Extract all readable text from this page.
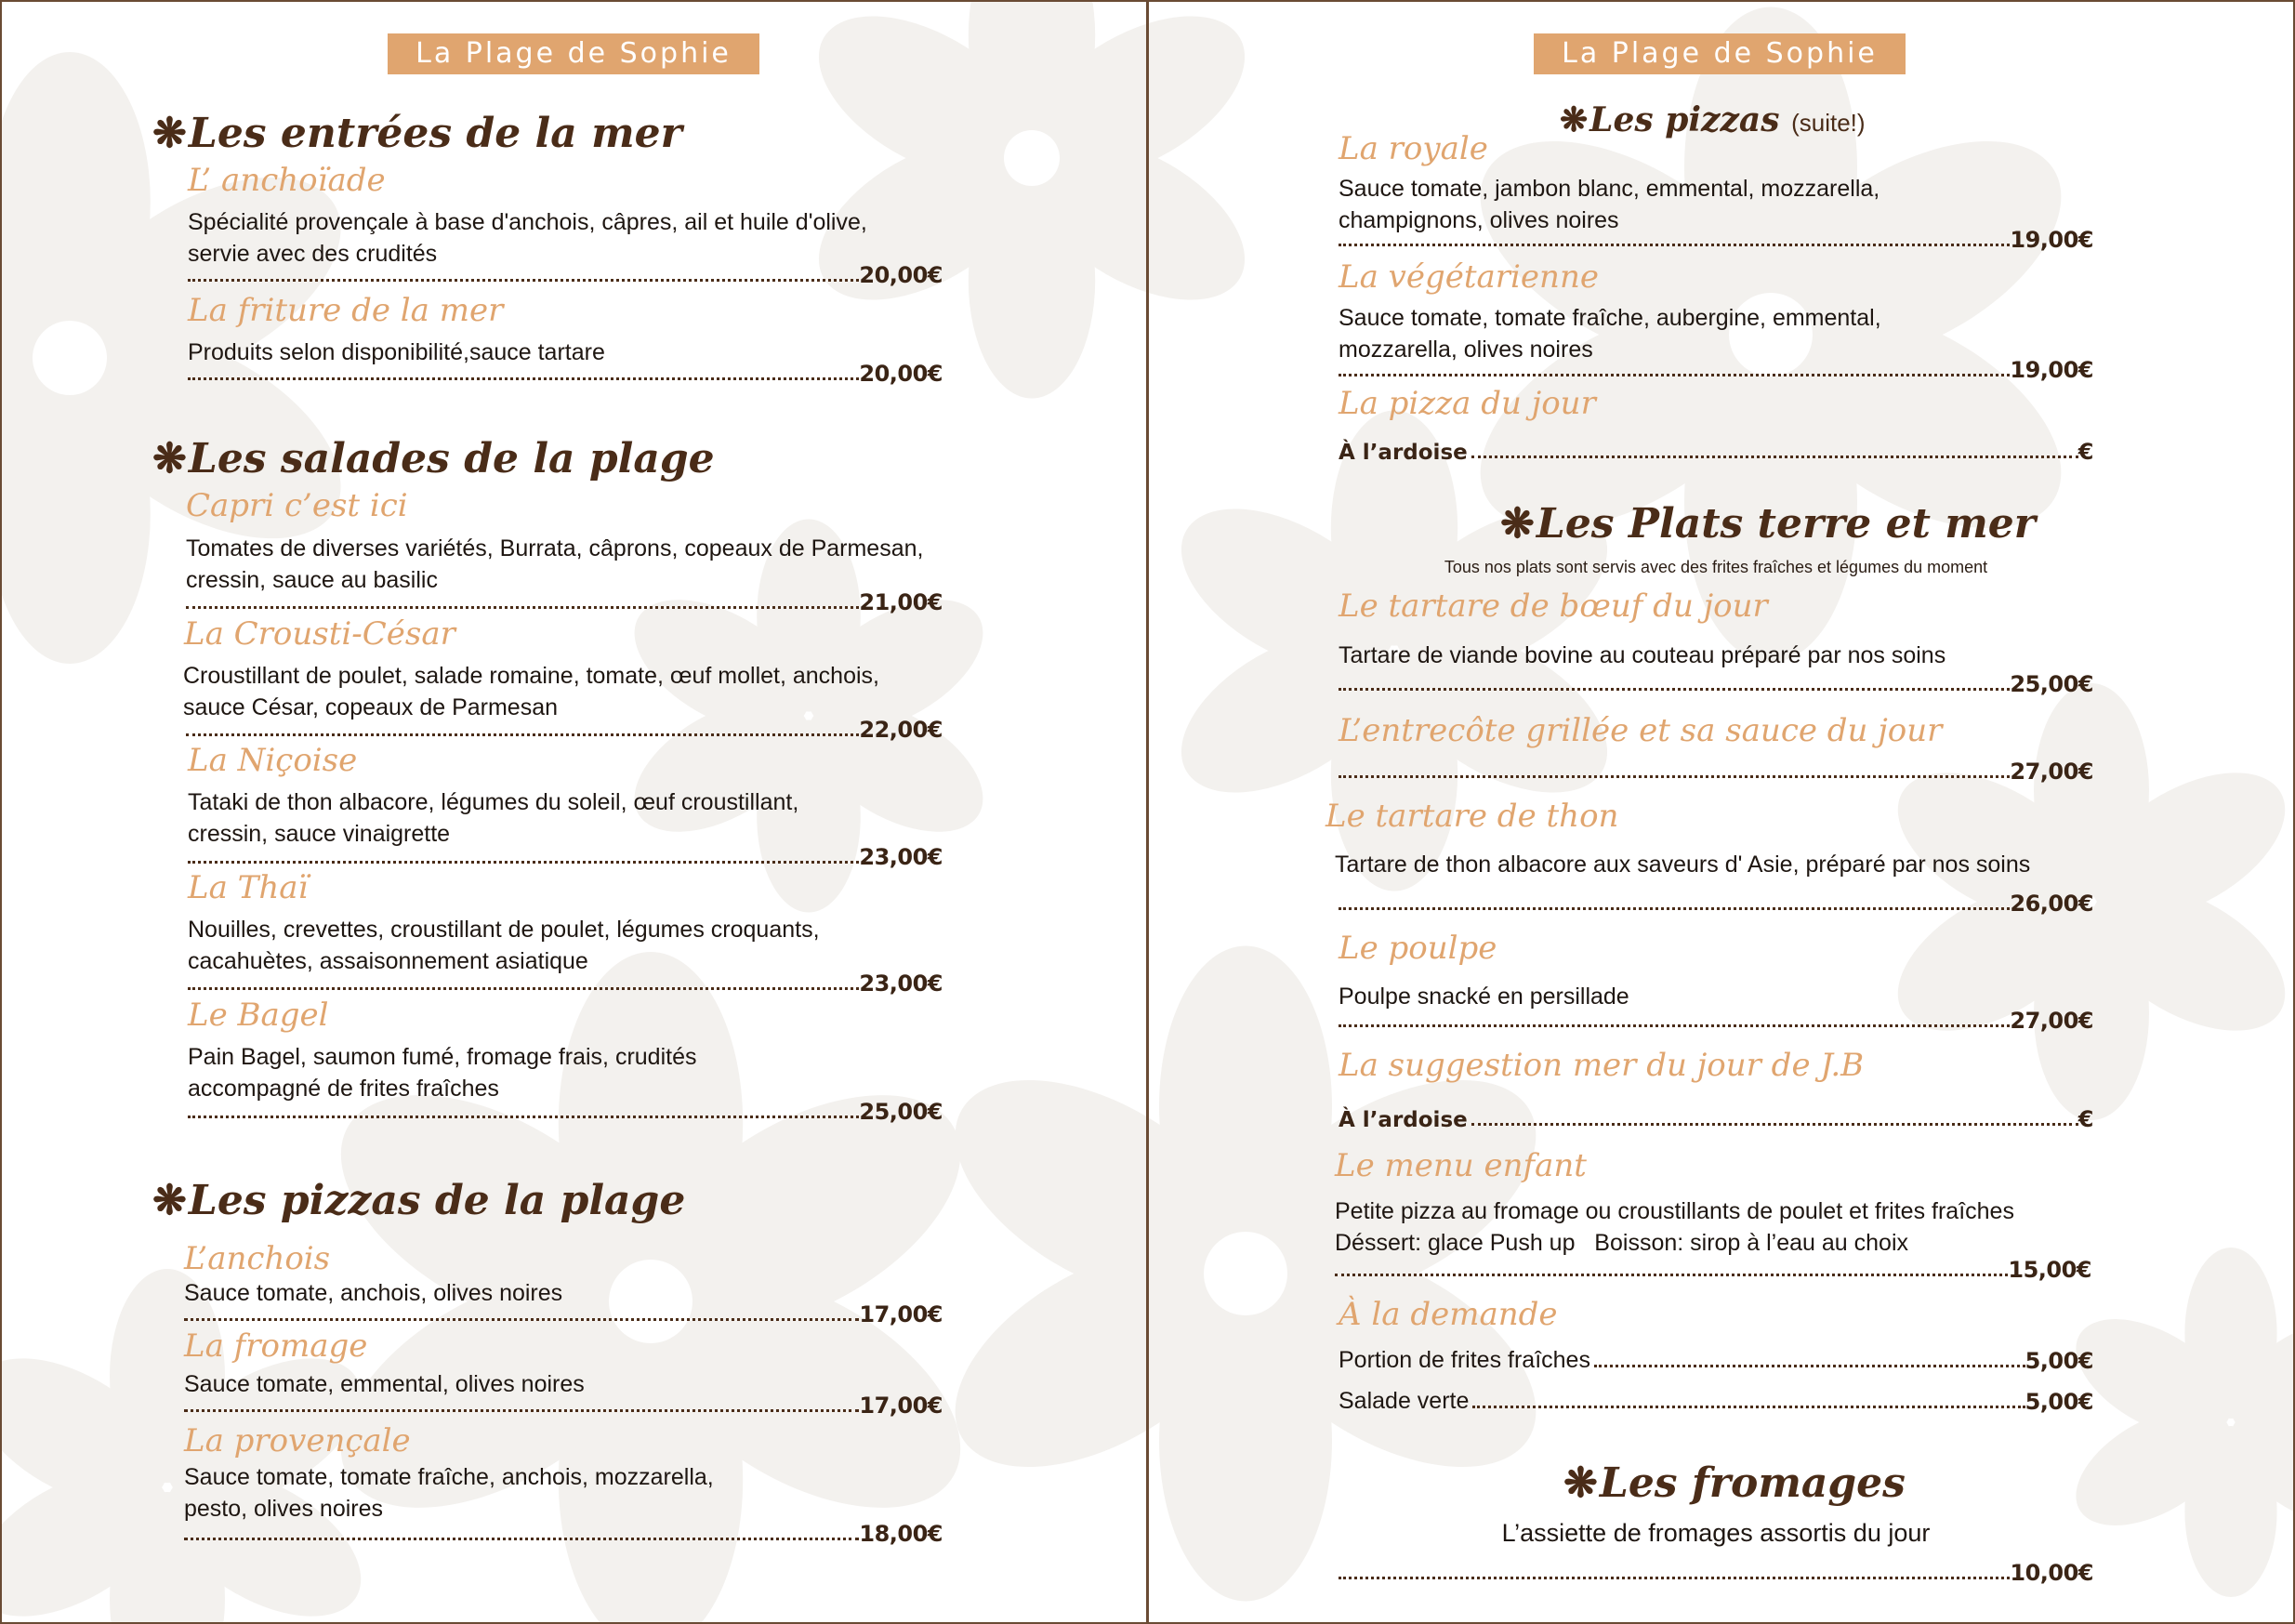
La Plage de Sophie
❋Les entrées de la mer
L’ anchoïade
Spécialité provençale à base d'anchois, câpres, ail et huile d'olive,
servie avec des crudités
20,00€
La friture de la mer
Produits selon disponibilité,sauce tartare
20,00€
❋Les salades de la plage
Capri c’est ici
Tomates de diverses variétés, Burrata, câprons, copeaux de Parmesan,
cressin, sauce au basilic
21,00€
La Crousti-César
Croustillant de poulet, salade romaine, tomate, œuf mollet, anchois,
sauce César, copeaux de Parmesan
22,00€
La Niçoise
Tataki de thon albacore, légumes du soleil, œuf croustillant,
cressin, sauce vinaigrette
23,00€
La Thaï
Nouilles, crevettes, croustillant de poulet, légumes croquants,
cacahuètes, assaisonnement asiatique
23,00€
Le Bagel
Pain Bagel, saumon fumé, fromage frais, crudités
accompagné de frites fraîches
25,00€
❋Les pizzas de la plage
L’anchois
Sauce tomate, anchois, olives noires
17,00€
La fromage
Sauce tomate, emmental, olives noires
17,00€
La provençale
Sauce tomate, tomate fraîche, anchois, mozzarella,
pesto, olives noires
18,00€
La Plage de Sophie
❋Les pizzas (suite!)
La royale
Sauce tomate, jambon blanc, emmental, mozzarella,
champignons, olives noires
19,00€
La végétarienne
Sauce tomate, tomate fraîche, aubergine, emmental,
mozzarella, olives noires
19,00€
La pizza du jour
À l’ardoise	€
❋Les Plats terre et mer
Tous nos plats sont servis avec des frites fraîches et légumes du moment
Le tartare de bœuf du jour
Tartare de viande bovine au couteau préparé par nos soins
25,00€
L’entrecôte grillée et sa sauce du jour
27,00€
Le tartare de thon
Tartare de thon albacore aux saveurs d' Asie, préparé par nos soins
26,00€
Le poulpe
Poulpe snacké en persillade
27,00€
La suggestion mer du jour de J.B
À l’ardoise	€
Le menu enfant
Petite pizza au fromage ou croustillants de poulet et frites fraîches
Déssert: glace Push up   Boisson: sirop à l’eau au choix
15,00€
À la demande
Portion de frites fraîches	5,00€
Salade verte	5,00€
❋Les fromages
L’assiette de fromages assortis du jour
10,00€
